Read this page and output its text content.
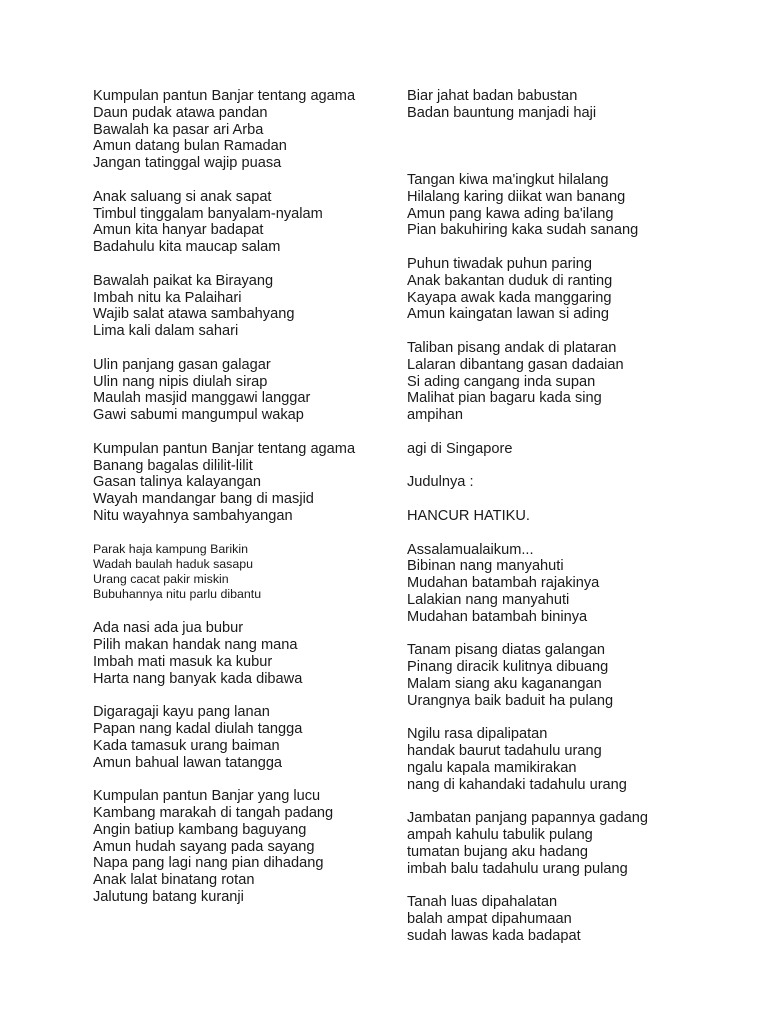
Kumpulan pantun Banjar tentang agama
Daun pudak atawa pandan
Bawalah ka pasar ari Arba
Amun datang bulan Ramadan
Jangan tatinggal wajip puasa
Anak saluang si anak sapat
Timbul tinggalam banyalam-nyalam
Amun kita hanyar badapat
Badahulu kita maucap salam
Bawalah paikat ka Birayang
Imbah nitu ka Palaihari
Wajib salat atawa sambahyang
Lima kali dalam sahari
Ulin panjang gasan galagar
Ulin nang nipis diulah sirap
Maulah masjid manggawi langgar
Gawi sabumi mangumpul wakap
Kumpulan pantun Banjar tentang agama
Banang bagalas dililit-lilit
Gasan talinya kalayangan
Wayah mandangar bang di masjid
Nitu wayahnya sambahyangan
Parak haja kampung Barikin
Wadah baulah haduk sasapu
Urang cacat pakir miskin
Bubuhannya nitu parlu dibantu
Ada nasi ada jua bubur
Pilih makan handak nang mana
Imbah mati masuk ka kubur
Harta nang banyak kada dibawa
Digaragaji kayu pang lanan
Papan nang kadal diulah tangga
Kada tamasuk urang baiman
Amun bahual lawan tatangga
Kumpulan pantun Banjar yang lucu
Kambang marakah di tangah padang
Angin batiup kambang baguyang
Amun hudah sayang pada sayang
Napa pang lagi nang pian dihadang
Anak lalat binatang rotan
Jalutung batang kuranji
Biar jahat badan babustan
Badan bauntung manjadi haji

Tangan kiwa ma'ingkut hilalang
Hilalang karing diikat wan banang
Amun pang kawa ading ba'ilang
Pian bakuhiring kaka sudah sanang
Puhun tiwadak puhun paring
Anak bakantan duduk di ranting
Kayapa awak kada manggaring
Amun kaingatan lawan si ading
Taliban pisang andak di plataran
Lalaran dibantang gasan dadaian
Si ading cangang inda supan
Malihat pian bagaru kada sing
ampihan
agi di Singapore
Judulnya :
HANCUR HATIKU.
Assalamualaikum...
Bibinan nang manyahuti
Mudahan batambah rajakinya
Lalakian nang manyahuti
Mudahan batambah bininya
Tanam pisang diatas galangan
Pinang diracik kulitnya dibuang
Malam siang aku kaganangan
Urangnya baik baduit ha pulang
Ngilu rasa dipalipatan
handak baurut tadahulu urang
ngalu kapala mamikirakan
nang di kahandaki tadahulu urang
Jambatan panjang papannya gadang
ampah kahulu tabulik pulang
tumatan bujang aku hadang
imbah balu tadahulu urang pulang
Tanah luas dipahalatan
balah ampat dipahumaan
sudah lawas kada badapat
